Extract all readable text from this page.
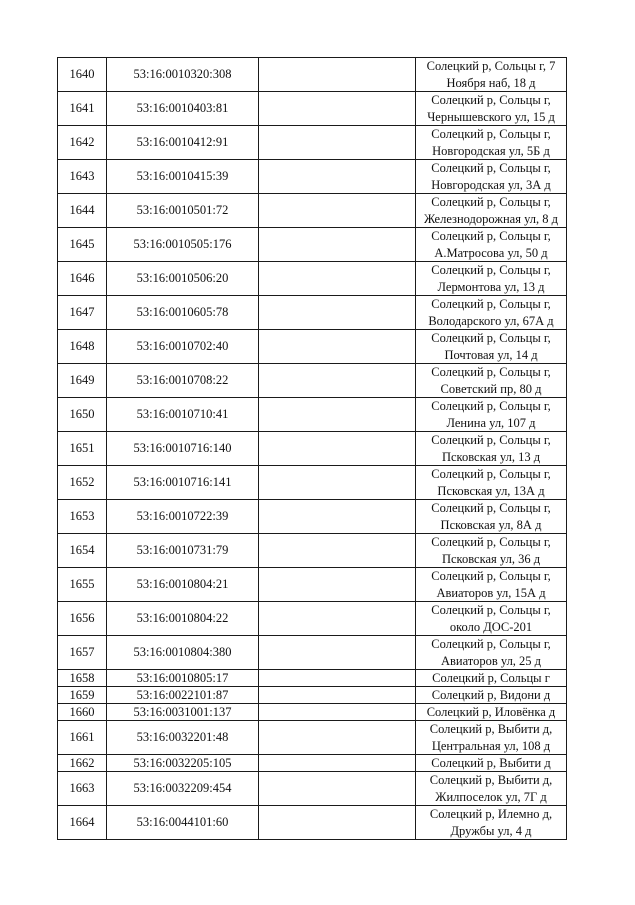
1640	53:16:0010320:308		Солецкий р, Сольцы г, 7
Ноября наб, 18 д

1641	53:16:0010403:81		Солецкий р, Сольцы г,
Чернышевского ул, 15 д

1642	53:16:0010412:91		Солецкий р, Сольцы г,
Новгородская ул, 5Б д

1643	53:16:0010415:39		Солецкий р, Сольцы г,
Новгородская ул, 3А д

1644	53:16:0010501:72		Солецкий р, Сольцы г,
Железнодорожная ул, 8 д

1645	53:16:0010505:176		Солецкий р, Сольцы г,
А.Матросова ул, 50 д

1646	53:16:0010506:20		Солецкий р, Сольцы г,
Лермонтова ул, 13 д

1647	53:16:0010605:78		Солецкий р, Сольцы г,
Володарского ул, 67А д

1648	53:16:0010702:40		Солецкий р, Сольцы г,
Почтовая ул, 14 д

1649	53:16:0010708:22		Солецкий р, Сольцы г,
Советский пр, 80 д

1650	53:16:0010710:41		Солецкий р, Сольцы г,
Ленина ул, 107 д

1651	53:16:0010716:140		Солецкий р, Сольцы г,
Псковская ул, 13 д

1652	53:16:0010716:141		Солецкий р, Сольцы г,
Псковская ул, 13А д

1653	53:16:0010722:39		Солецкий р, Сольцы г,
Псковская ул, 8А д

1654	53:16:0010731:79		Солецкий р, Сольцы г,
Псковская ул, 36 д

1655	53:16:0010804:21		Солецкий р, Сольцы г,
Авиаторов ул, 15А д

1656	53:16:0010804:22		Солецкий р, Сольцы г,
около ДОС-201

1657	53:16:0010804:380		Солецкий р, Сольцы г,
Авиаторов ул, 25 д

1658	53:16:0010805:17		Солецкий р, Сольцы г

1659	53:16:0022101:87		Солецкий р, Видони д

1660	53:16:0031001:137		Солецкий р, Иловёнка д

1661	53:16:0032201:48		Солецкий р, Выбити д,
Центральная ул, 108 д

1662	53:16:0032205:105		Солецкий р, Выбити д

1663	53:16:0032209:454		Солецкий р, Выбити д,
Жилпоселок ул, 7Г д

1664	53:16:0044101:60		Солецкий р, Илемно д,
Дружбы ул, 4 д
